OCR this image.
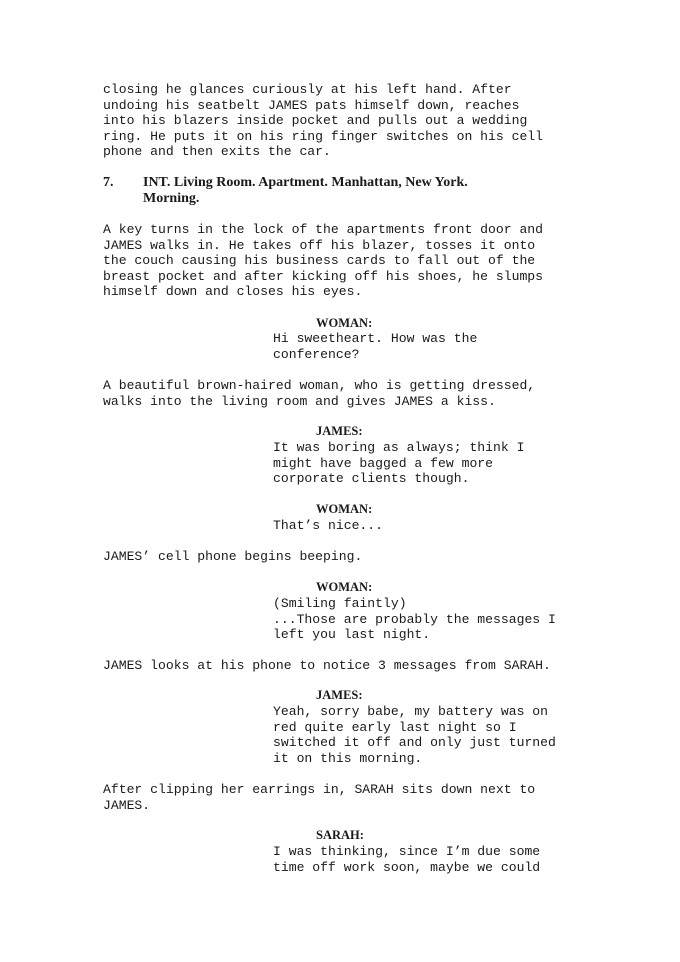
closing he glances curiously at his left hand. After
undoing his seatbelt JAMES pats himself down, reaches
into his blazers inside pocket and pulls out a wedding
ring. He puts it on his ring finger switches on his cell
phone and then exits the car.

7. INT. Living Room. Apartment. Manhattan, New York.
Morning.

A key turns in the lock of the apartments front door and
JAMES walks in. He takes off his blazer, tosses it onto
the couch causing his business cards to fall out of the
breast pocket and after kicking off his shoes, he slumps
himself down and closes his eyes.

WOMAN:

Hi sweetheart. How was the
conference?

A beautiful brown-haired woman, who is getting dressed,
walks into the living room and gives JAMES a kiss.

JAMES:

It was boring as always; think I
might have bagged a few more
corporate clients though.

WOMAN:

That’s nice...

JAMES’ cell phone begins beeping.

WOMAN:

(Smiling faintly)
...Those are probably the messages I
left you last night.

JAMES looks at his phone to notice 3 messages from SARAH.

JAMES:

Yeah, sorry babe, my battery was on
red quite early last night so I
switched it off and only just turned
it on this morning.

After clipping her earrings in, SARAH sits down next to
JAMES.

SARAH:

I was thinking, since I’m due some
time off work soon, maybe we could
